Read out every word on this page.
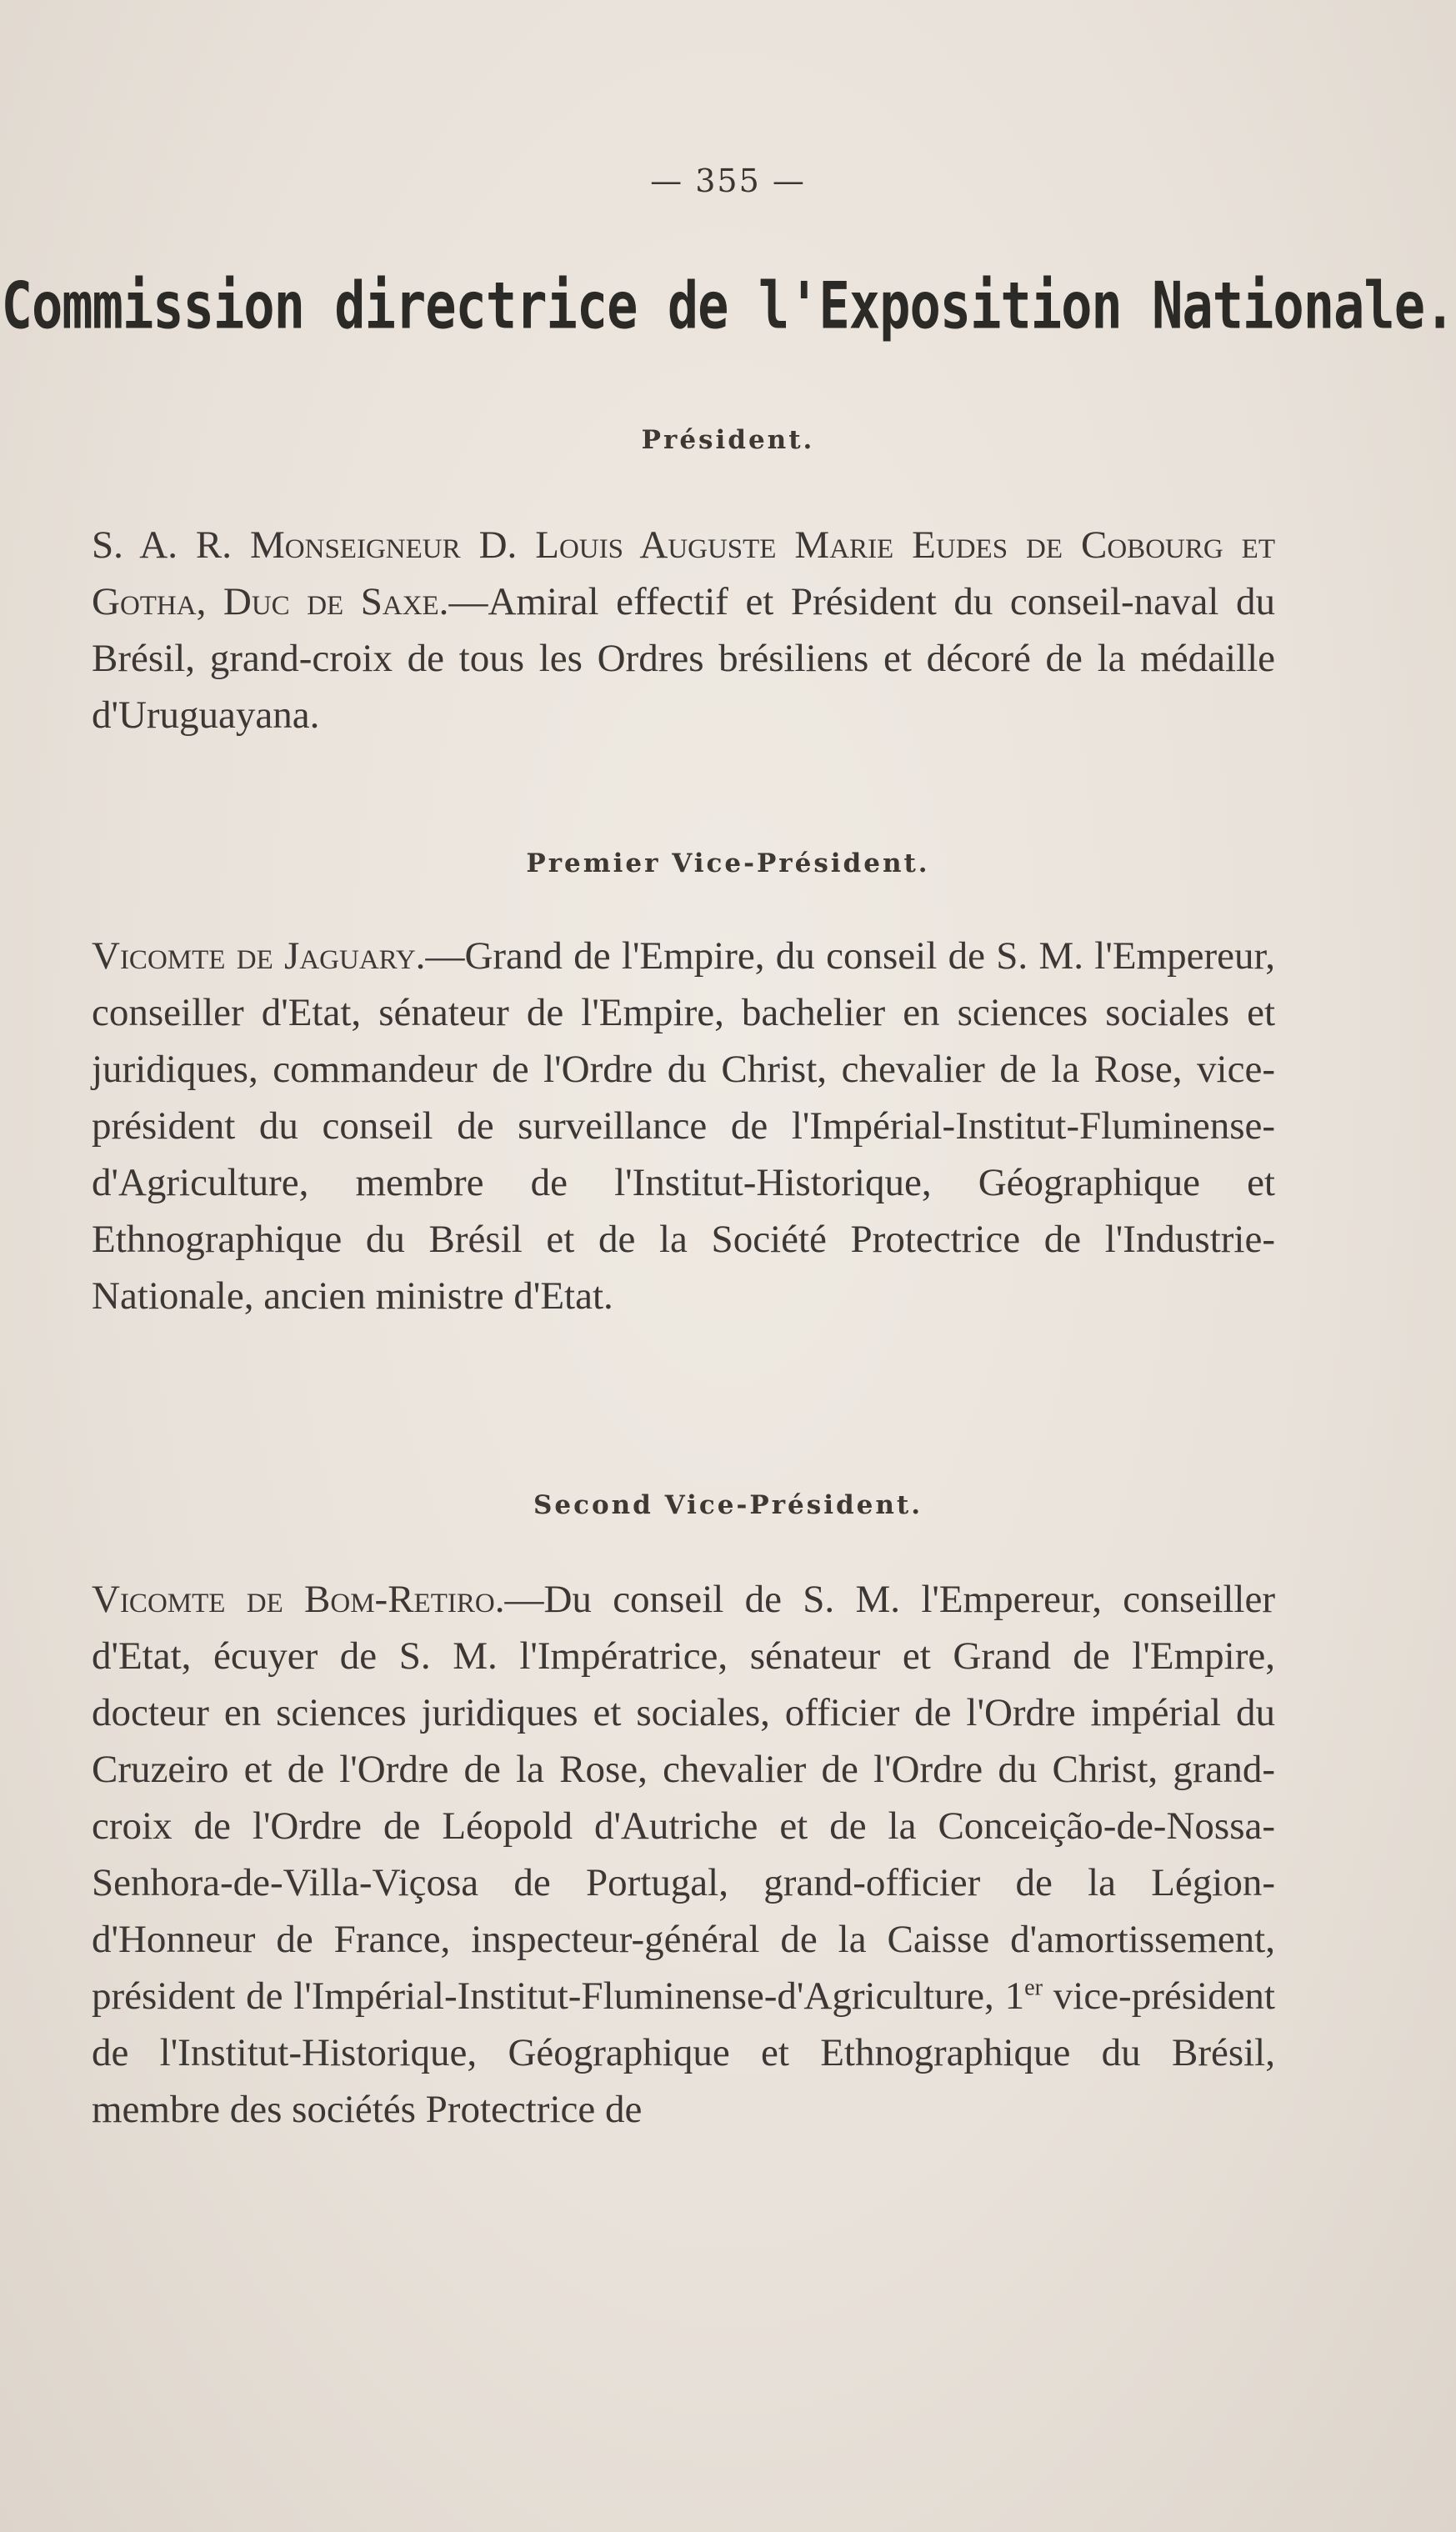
— 355 —
Commission directrice de l'Exposition Nationale.
Président.
S. A. R. Monseigneur D. Louis Auguste Marie Eudes de Cobourg et Gotha, Duc de Saxe.—Amiral effectif et Président du conseil-naval du Brésil, grand-croix de tous les Ordres brésiliens et décoré de la médaille d'Uruguayana.
Premier Vice-Président.
Vicomte de Jaguary.—Grand de l'Empire, du conseil de S. M. l'Empereur, conseiller d'Etat, sénateur de l'Empire, bachelier en sciences sociales et juridiques, commandeur de l'Ordre du Christ, chevalier de la Rose, vice-président du conseil de surveillance de l'Impérial-Institut-Fluminense-d'Agriculture, membre de l'Institut-Historique, Géographique et Ethnographique du Brésil et de la Société Protectrice de l'Industrie-Nationale, ancien ministre d'Etat.
Second Vice-Président.
Vicomte de Bom-Retiro.—Du conseil de S. M. l'Empereur, conseiller d'Etat, écuyer de S. M. l'Impératrice, sénateur et Grand de l'Empire, docteur en sciences juridiques et sociales, officier de l'Ordre impérial du Cruzeiro et de l'Ordre de la Rose, chevalier de l'Ordre du Christ, grand-croix de l'Ordre de Léopold d'Autriche et de la Conceição-de-Nossa-Senhora-de-Villa-Viçosa de Portugal, grand-officier de la Légion-d'Honneur de France, inspecteur-général de la Caisse d'amortissement, président de l'Impérial-Institut-Fluminense-d'Agriculture, 1er vice-président de l'Institut-Historique, Géographique et Ethnographique du Brésil, membre des sociétés Protectrice de
